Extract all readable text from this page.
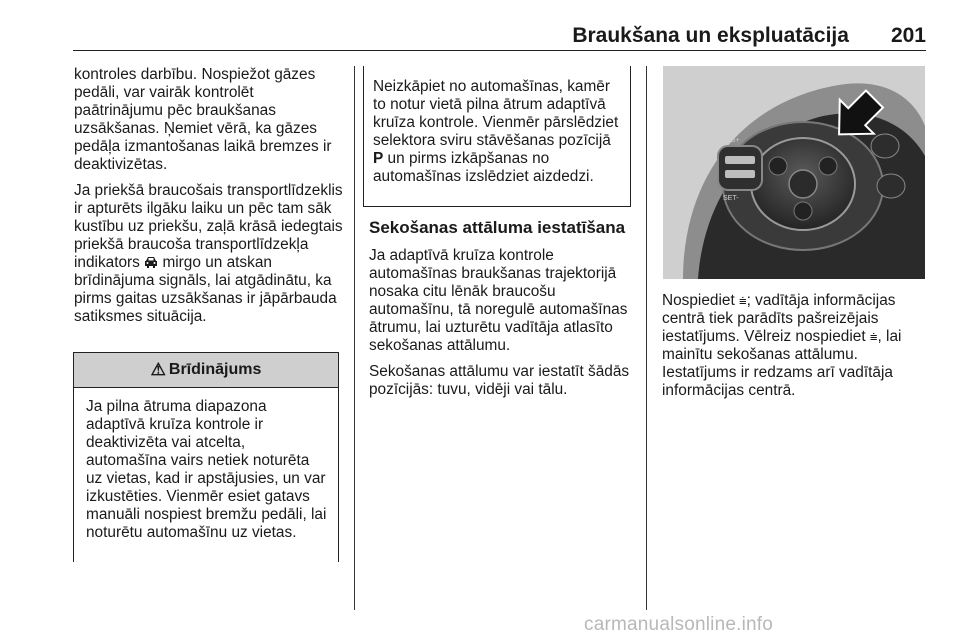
Braukšana un ekspluatācija 201

kontroles darbību. Nospiežot gāzes pedāli, var vairāk kontrolēt paātrinājumu pēc braukšanas uzsākšanas. Ņemiet vērā, ka gāzes pedāļa izmantošanas laikā bremzes ir deaktivizētas.

Ja priekšā braucošais transportlīdzeklis ir apturēts ilgāku laiku un pēc tam sāk kustību uz priekšu, zaļā krāsā iedegtais priekšā braucoša transportlīdzekļa indikators mirgo un atskan brīdinājuma signāls, lai atgādinātu, ka pirms gaitas uzsākšanas ir jāpārbauda satiksmes situācija.

⚠ Brīdinājums
Ja pilna ātruma diapazona adaptīvā kruīza kontrole ir deaktivizēta vai atcelta, automašīna vairs netiek noturēta uz vietas, kad ir apstājusies, un var izkustēties. Vienmēr esiet gatavs manuāli nospiest bremžu pedāli, lai noturētu automašīnu uz vietas.
Neizkāpiet no automašīnas, kamēr to notur vietā pilna ātrum adaptīvā kruīza kontrole. Vienmēr pārslēdziet selektora sviru stāvēšanas pozīcijā P un pirms izkāpšanas no automašīnas izslēdziet aizdedzi.
Sekošanas attāluma iestatīšana

Ja adaptīvā kruīza kontrole automašīnas braukšanas trajektorijā nosaka citu lēnāk braucošu automašīnu, tā noregulē automašīnas ātrumu, lai uzturētu vadītāja atlasīto sekošanas attālumu.

Sekošanas attālumu var iestatīt šādās pozīcijās: tuvu, vidēji vai tālu.

RES+
SET-

Nospiediet ⩧; vadītāja informācijas centrā tiek parādīts pašreizējais iestatījums. Vēlreiz nospiediet ⩧, lai mainītu sekošanas attālumu. Iestatījums ir redzams arī vadītāja informācijas centrā.

carmanualsonline.info
